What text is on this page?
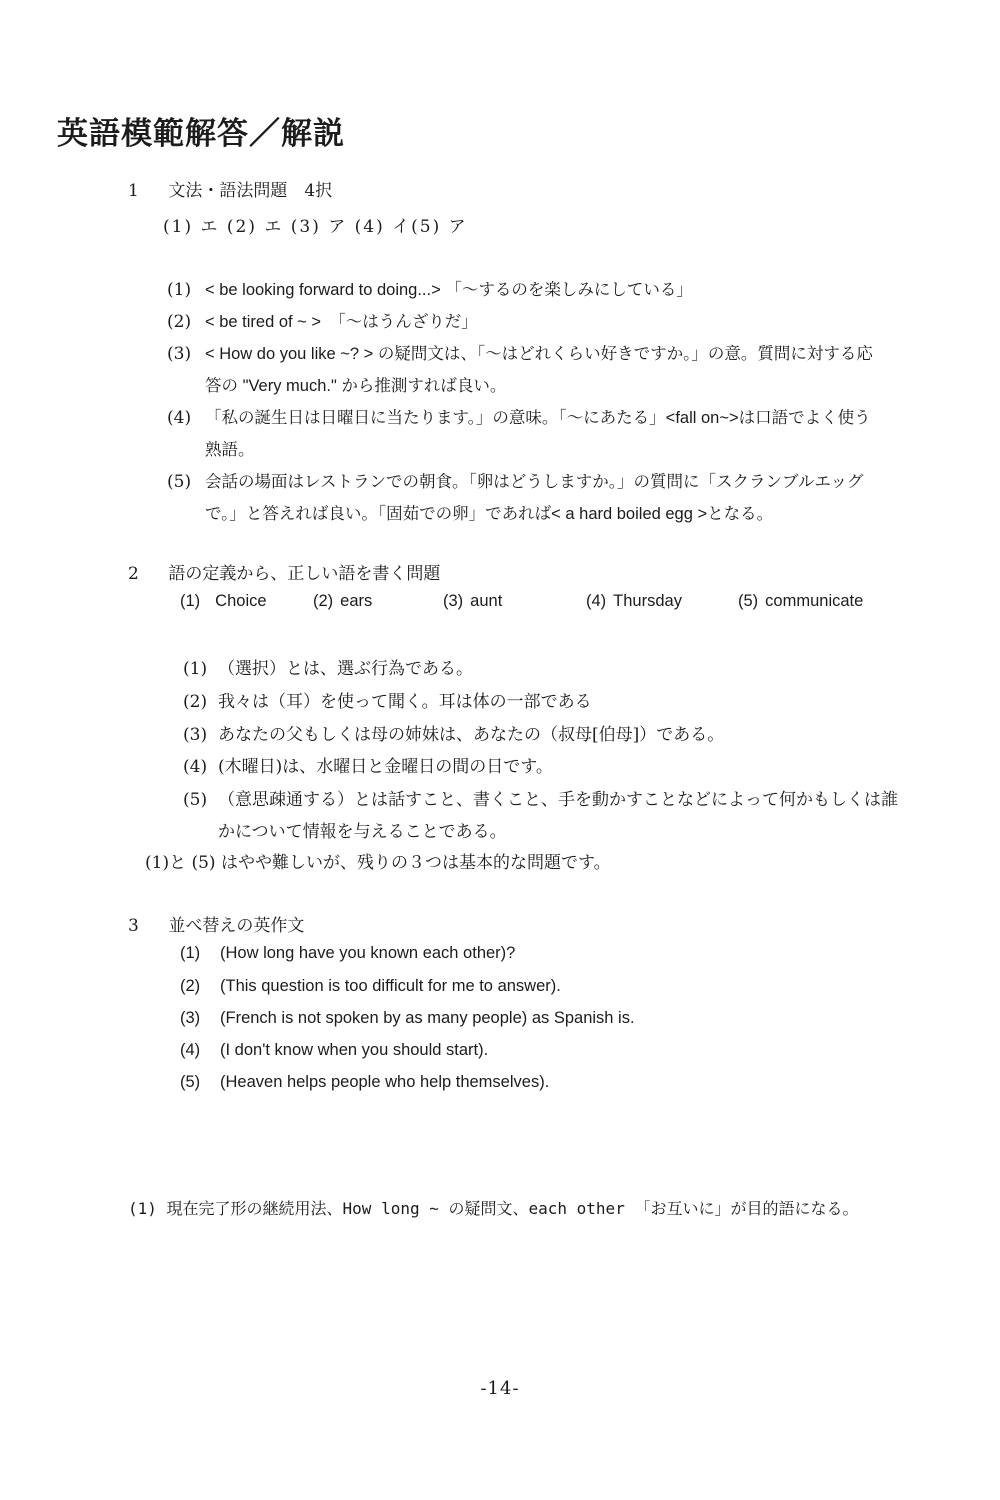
英語模範解答／解説
1 文法・語法問題　4択
(1) エ (2) エ (3) ア (4) イ(5) ア
(1) < be looking forward to doing...> 「～するのを楽しみにしている」
(2) < be tired of ~ >　「～はうんざりだ」
(3) < How do you like ~? > の疑問文は、「～はどれくらい好きですか。」の意。質問に対する応
答の "Very much." から推測すれば良い。
(4) 「私の誕生日は日曜日に当たります。」の意味。「～にあたる」<fall on~>は口語でよく使う
熟語。
(5) 会話の場面はレストランでの朝食。「卵はどうしますか。」の質問に「スクランブルエッグ
で。」と答えれば良い。「固茹での卵」であれば< a hard boiled egg >となる。
2 語の定義から、正しい語を書く問題
(1) Choice	(2) ears	(3) aunt	(4) Thursday	(5) communicate
(1) （選択）とは、選ぶ行為である。
(2) 我々は（耳）を使って聞く。耳は体の一部である
(3) あなたの父もしくは母の姉妹は、あなたの（叔母[伯母]）である。
(4) (木曜日)は、水曜日と金曜日の間の日です。
(5) （意思疎通する）とは話すこと、書くこと、手を動かすことなどによって何かもしくは誰
かについて情報を与えることである。
(1)と (5) はやや難しいが、残りの３つは基本的な問題です。
3 並べ替えの英作文
(1) (How long have you known each other)?
(2) (This question is too difficult for me to answer).
(3) (French is not spoken by as many people) as Spanish is.
(4) (I don't know when you should start).
(5) (Heaven helps people who help themselves).
(1) 現在完了形の継続用法、How long ~ の疑問文、each other 「お互いに」が目的語になる。
-14-
